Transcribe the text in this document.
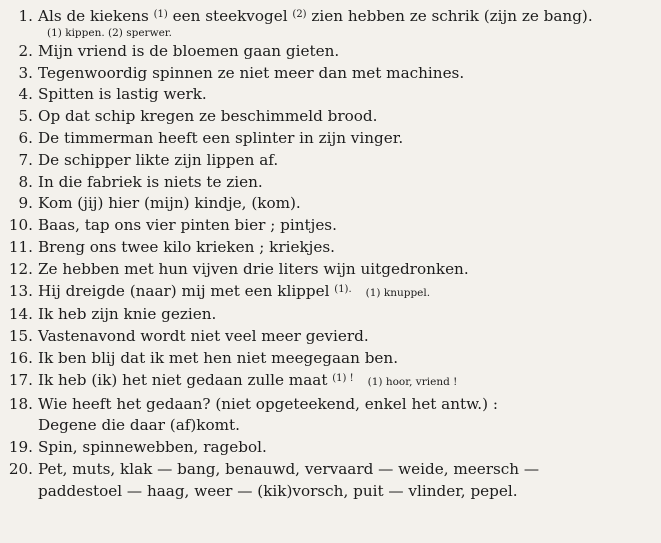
1. Als de kiekens $^{(1)}$ een steekvogel $^{(2)}$ zien hebben ze schrik (zijn ze bang).
(1) kippen. (2) sperwer.
2. Mijn vriend is de bloemen gaan gieten.
3. Tegenwoordig spinnen ze niet meer dan met machines.
4. Spitten is lastig werk.
5. Op dat schip kregen ze beschimmeld brood.
6. De timmerman heeft een splinter in zijn vinger.
7. De schipper likte zijn lippen af.
8. In die fabriek is niets te zien.
9. Kom (jij) hier (mijn) kindje, (kom).
10. Baas, tap ons vier pinten bier ; pintjes.
11. Breng ons twee kilo krieken ; kriekjes.
12. Ze hebben met hun vijven drie liters wijn uitgedronken.
13. Hij dreigde (naar) mij met een klippel $^{(1).}$ (1) knuppel.
14. Ik heb zijn knie gezien.
15. Vastenavond wordt niet veel meer gevierd.
16. Ik ben blij dat ik met hen niet meegegaan ben.
17. Ik heb (ik) het niet gedaan zulle maat $^{(1) !}$ (1) hoor, vriend !
18. Wie heeft het gedaan? (niet opgeteekend, enkel het antw.) :
Degene die daar (af)komt.
19. Spin, spinnewebben, ragebol.
20. Pet, muts, klak — bang, benauwd, vervaard — weide, meersch —
paddestoel — haag, weer — (kik)vorsch, puit — vlinder, pepel.
